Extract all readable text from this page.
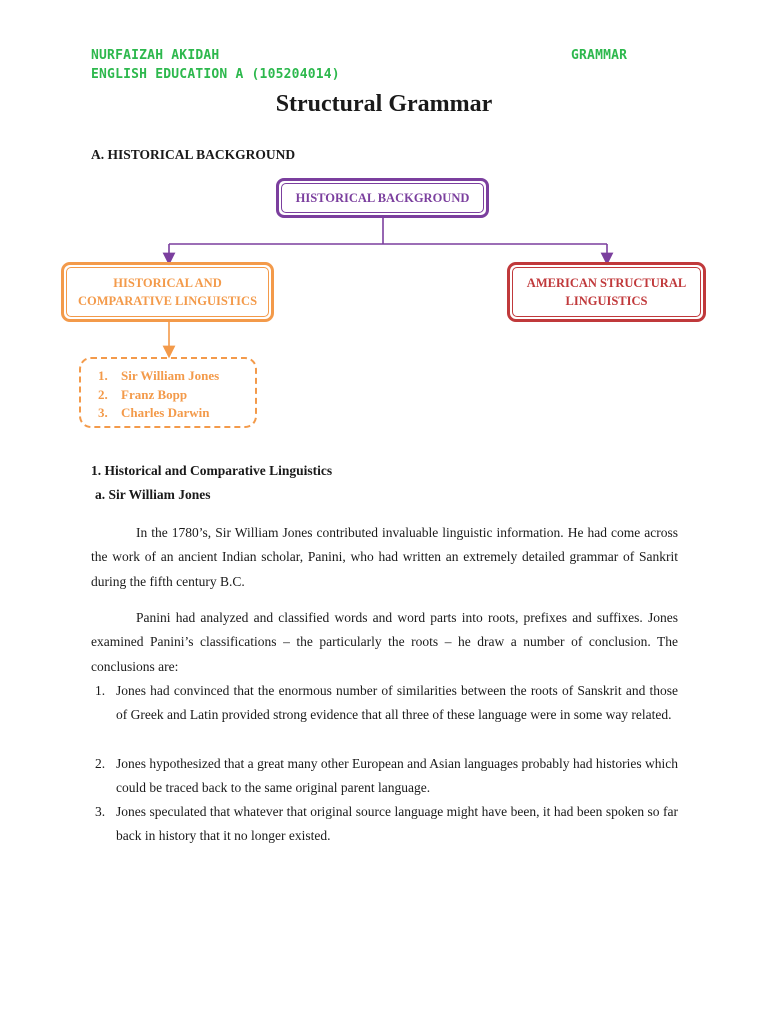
NURFAIZAH AKIDAH
ENGLISH EDUCATION A (105204014)
GRAMMAR
Structural Grammar
A. HISTORICAL BACKGROUND
HISTORICAL BACKGROUND
HISTORICAL AND
COMPARATIVE LINGUISTICS
AMERICAN STRUCTURAL
LINGUISTICS
1. Sir William Jones
2. Franz Bopp
3. Charles Darwin
1. Historical and Comparative Linguistics
a. Sir William Jones
In the 1780’s, Sir William Jones contributed invaluable linguistic information. He had come across the work of an ancient Indian scholar, Panini, who had written an extremely detailed grammar of Sankrit during the fifth century B.C.
Panini had analyzed and classified words and word parts into roots, prefixes and suffixes. Jones examined Panini’s classifications – the particularly the roots – he draw a number of conclusion. The conclusions are:
1. Jones had convinced that the enormous number of similarities between the roots of Sanskrit and those of Greek and Latin provided strong evidence that all three of these language were in some way related.
2. Jones hypothesized that a great many other European and Asian languages probably had histories which could be traced back to the same original parent language.
3. Jones speculated that whatever that original source language might have been, it had been spoken so far back in history that it no longer existed.
